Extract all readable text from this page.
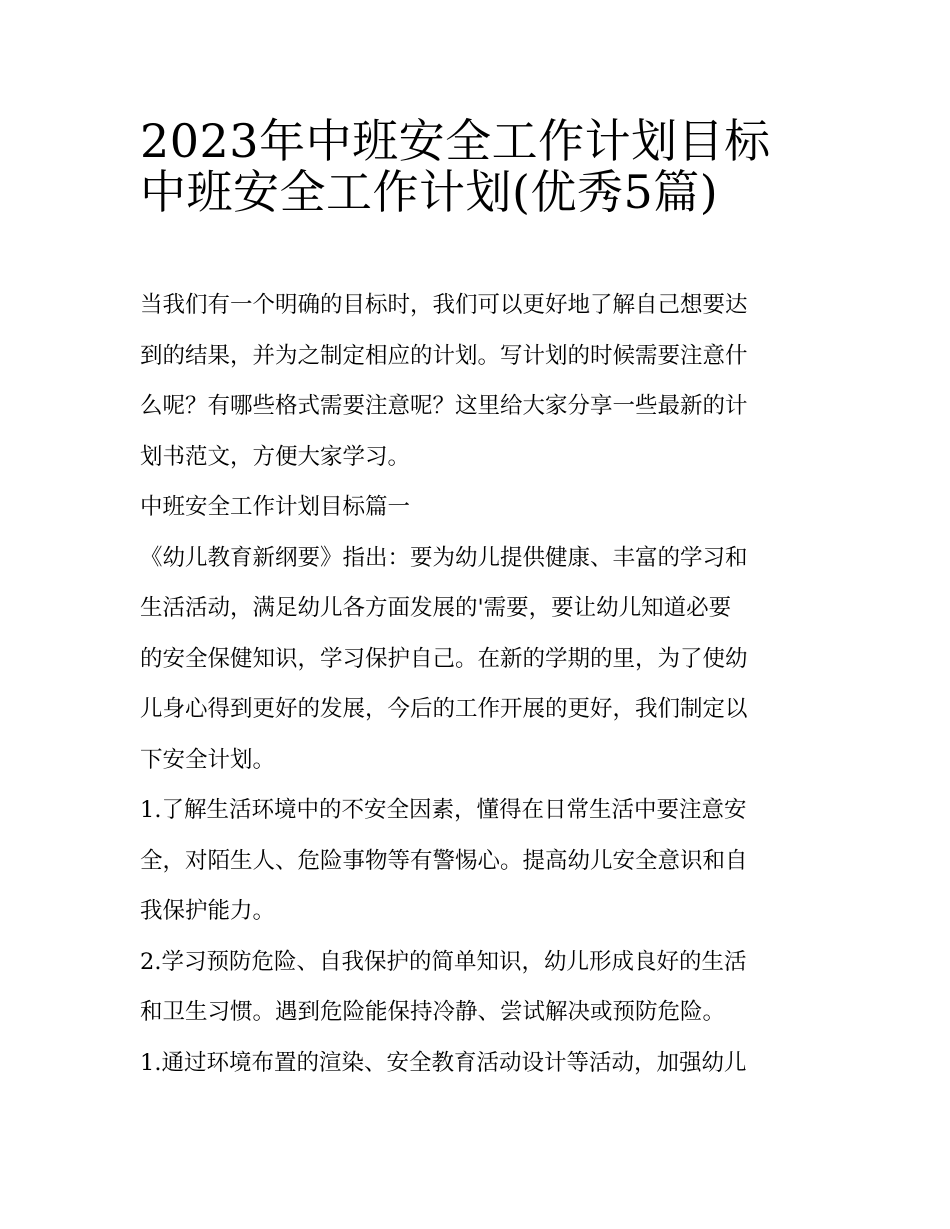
2023年中班安全工作计划目标
中班安全工作计划(优秀5篇)
当我们有一个明确的目标时，我们可以更好地了解自己想要达
到的结果，并为之制定相应的计划。写计划的时候需要注意什
么呢？有哪些格式需要注意呢？这里给大家分享一些最新的计
划书范文，方便大家学习。
中班安全工作计划目标篇一
《幼儿教育新纲要》指出：要为幼儿提供健康、丰富的学习和
生活活动，满足幼儿各方面发展的'需要，要让幼儿知道必要
的安全保健知识，学习保护自己。在新的学期的里，为了使幼
儿身心得到更好的发展，今后的工作开展的更好，我们制定以
下安全计划。
1.了解生活环境中的不安全因素，懂得在日常生活中要注意安
全，对陌生人、危险事物等有警惕心。提高幼儿安全意识和自
我保护能力。
2.学习预防危险、自我保护的简单知识，幼儿形成良好的生活
和卫生习惯。遇到危险能保持冷静、尝试解决或预防危险。
1.通过环境布置的渲染、安全教育活动设计等活动，加强幼儿
